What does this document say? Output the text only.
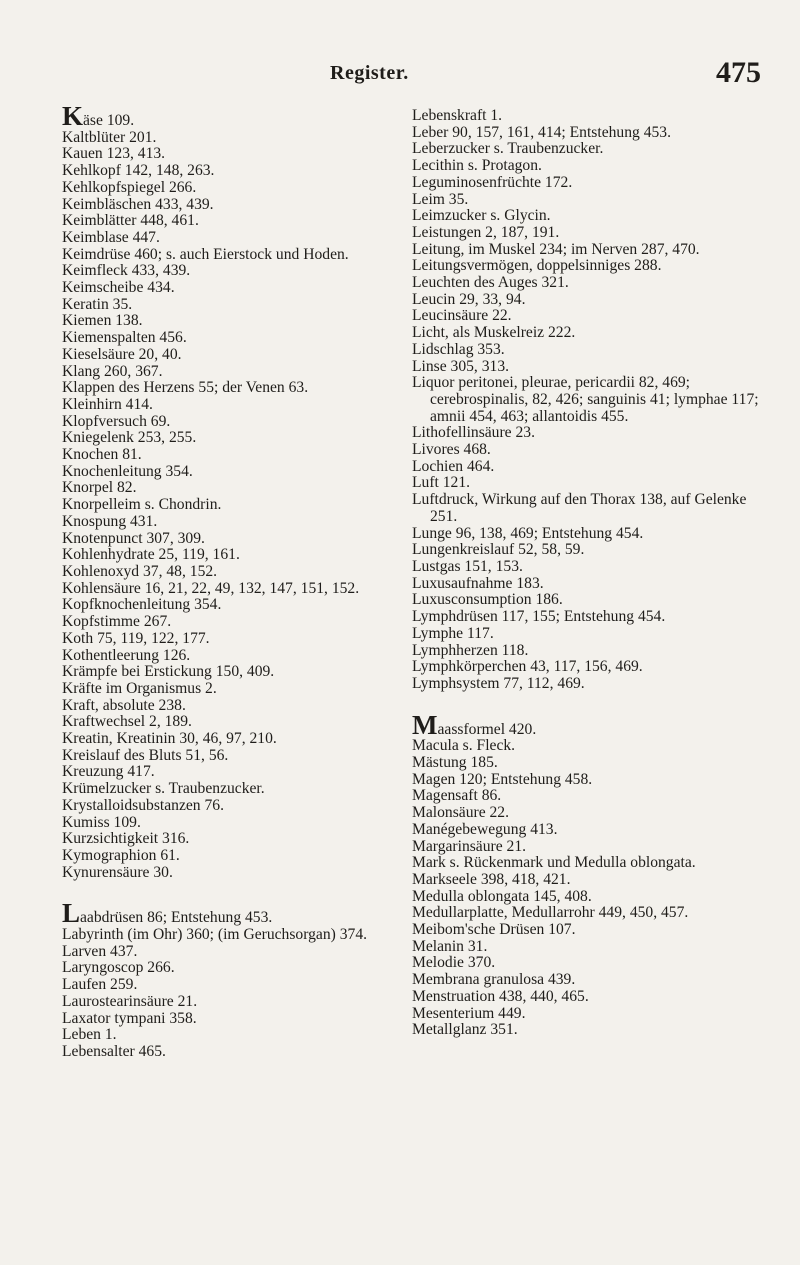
Register.	475
Käse 109.
Kaltblüter 201.
Kauen 123, 413.
Kehlkopf 142, 148, 263.
Kehlkopfspiegel 266.
Keimbläschen 433, 439.
Keimblätter 448, 461.
Keimblase 447.
Keimdrüse 460; s. auch Eierstock und Hoden.
Keimfleck 433, 439.
Keimscheibe 434.
Keratin 35.
Kiemen 138.
Kiemenspalten 456.
Kieselsäure 20, 40.
Klang 260, 367.
Klappen des Herzens 55; der Venen 63.
Kleinhirn 414.
Klopfversuch 69.
Kniegelenk 253, 255.
Knochen 81.
Knochenleitung 354.
Knorpel 82.
Knorpelleim s. Chondrin.
Knospung 431.
Knotenpunct 307, 309.
Kohlenhydrate 25, 119, 161.
Kohlenoxyd 37, 48, 152.
Kohlensäure 16, 21, 22, 49, 132, 147, 151, 152.
Kopfknochenleitung 354.
Kopfstimme 267.
Koth 75, 119, 122, 177.
Kothentleerung 126.
Krämpfe bei Erstickung 150, 409.
Kräfte im Organismus 2.
Kraft, absolute 238.
Kraftwechsel 2, 189.
Kreatin, Kreatinin 30, 46, 97, 210.
Kreislauf des Bluts 51, 56.
Kreuzung 417.
Krümelzucker s. Traubenzucker.
Krystalloidsubstanzen 76.
Kumiss 109.
Kurzsichtigkeit 316.
Kymographion 61.
Kynurensäure 30.
Laabdrüsen 86; Entstehung 453.
Labyrinth (im Ohr) 360; (im Geruchsorgan) 374.
Larven 437.
Laryngoscop 266.
Laufen 259.
Laurostearinsäure 21.
Laxator tympani 358.
Leben 1.
Lebensalter 465.
Lebenskraft 1.
Leber 90, 157, 161, 414; Entstehung 453.
Leberzucker s. Traubenzucker.
Lecithin s. Protagon.
Leguminosenfrüchte 172.
Leim 35.
Leimzucker s. Glycin.
Leistungen 2, 187, 191.
Leitung, im Muskel 234; im Nerven 287, 470.
Leitungsvermögen, doppelsinniges 288.
Leuchten des Auges 321.
Leucin 29, 33, 94.
Leucinsäure 22.
Licht, als Muskelreiz 222.
Lidschlag 353.
Linse 305, 313.
Liquor peritonei, pleurae, pericardii 82, 469; cerebrospinalis, 82, 426; sanguinis 41; lymphae 117; amnii 454, 463; allantoidis 455.
Lithofellinsäure 23.
Livores 468.
Lochien 464.
Luft 121.
Luftdruck, Wirkung auf den Thorax 138, auf Gelenke 251.
Lunge 96, 138, 469; Entstehung 454.
Lungenkreislauf 52, 58, 59.
Lustgas 151, 153.
Luxusaufnahme 183.
Luxusconsumption 186.
Lymphdrüsen 117, 155; Entstehung 454.
Lymphe 117.
Lymphherzen 118.
Lymphkörperchen 43, 117, 156, 469.
Lymphsystem 77, 112, 469.
Maassformel 420.
Macula s. Fleck.
Mästung 185.
Magen 120; Entstehung 458.
Magensaft 86.
Malonsäure 22.
Manégebewegung 413.
Margarinsäure 21.
Mark s. Rückenmark und Medulla oblongata.
Markseele 398, 418, 421.
Medulla oblongata 145, 408.
Medullarplatte, Medullarrohr 449, 450, 457.
Meibom'sche Drüsen 107.
Melanin 31.
Melodie 370.
Membrana granulosa 439.
Menstruation 438, 440, 465.
Mesenterium 449.
Metallglanz 351.
